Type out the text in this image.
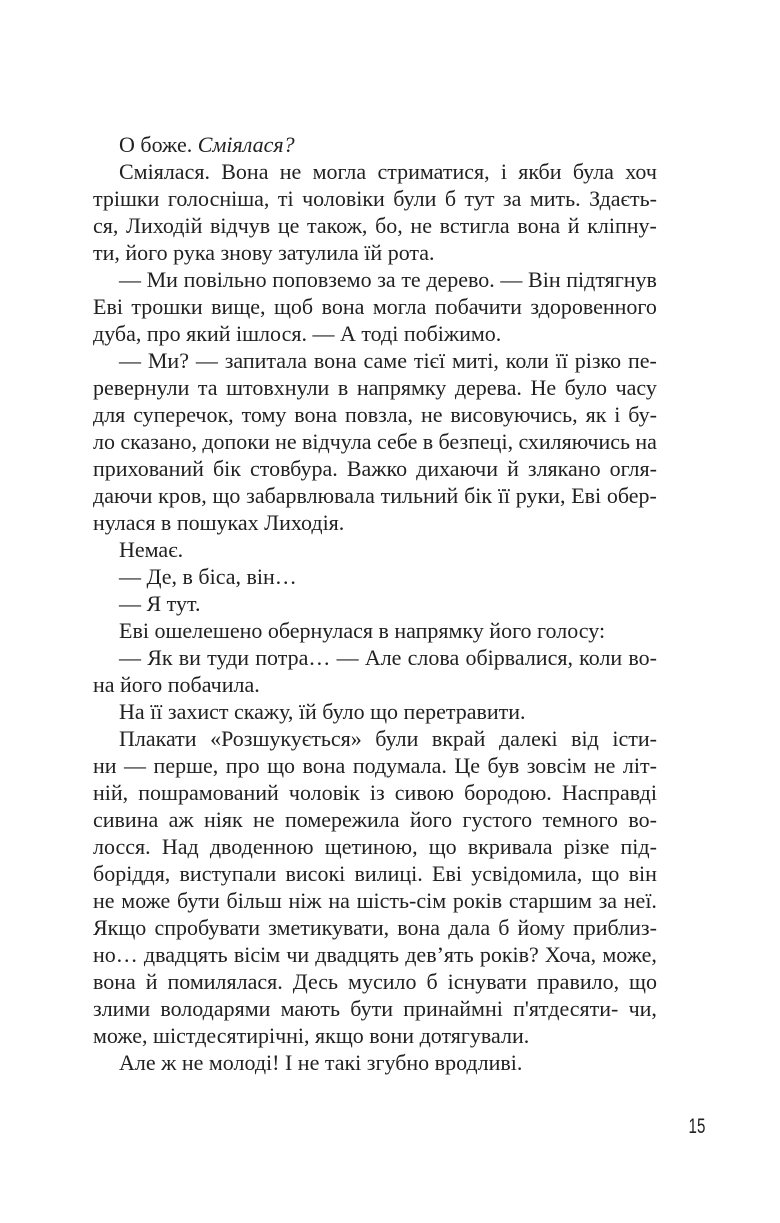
О боже. Сміялася?
Сміялася. Вона не могла стриматися, і якби була хоч
трішки голосніша, ті чоловіки були б тут за мить. Здаєть-
ся, Лиходій відчув це також, бо, не встигла вона й кліпну-
ти, його рука знову затулила їй рота.
— Ми повільно поповземо за те дерево. — Він підтягнув
Еві трошки вище, щоб вона могла побачити здоровенного
дуба, про який ішлося. — А тоді побіжимо.
— Ми? — запитала вона саме тієї миті, коли її різко пе-
ревернули та штовхнули в напрямку дерева. Не було часу
для суперечок, тому вона повзла, не висовуючись, як і бу-
ло сказано, допоки не відчула себе в безпеці, схиляючись на
прихований бік стовбура. Важко дихаючи й злякано огля-
даючи кров, що забарвлювала тильний бік її руки, Еві обер-
нулася в пошуках Лиходія.
Немає.
— Де, в біса, він…
— Я тут.
Еві ошелешено обернулася в напрямку його голосу:
— Як ви туди потра… — Але слова обірвалися, коли во-
на його побачила.
На її захист скажу, їй було що перетравити.
Плакати «Розшукується» були вкрай далекі від істи-
ни — перше, про що вона подумала. Це був зовсім не літ-
ній, пошрамований чоловік із сивою бородою. Насправді
сивина аж ніяк не помережила його густого темного во-
лосся. Над дводенною щетиною, що вкривала різке під-
боріддя, виступали високі вилиці. Еві усвідомила, що він
не може бути більш ніж на шість-сім років старшим за неї.
Якщо спробувати зметикувати, вона дала б йому приблиз-
но… двадцять вісім чи двадцять дев’ять років? Хоча, може,
вона й помилялася. Десь мусило б існувати правило, що
злими володарями мають бути принаймні п'ятдесяти- чи,
може, шістдесятирічні, якщо вони дотягували.
Але ж не молоді! І не такі згубно вродливі.
15
